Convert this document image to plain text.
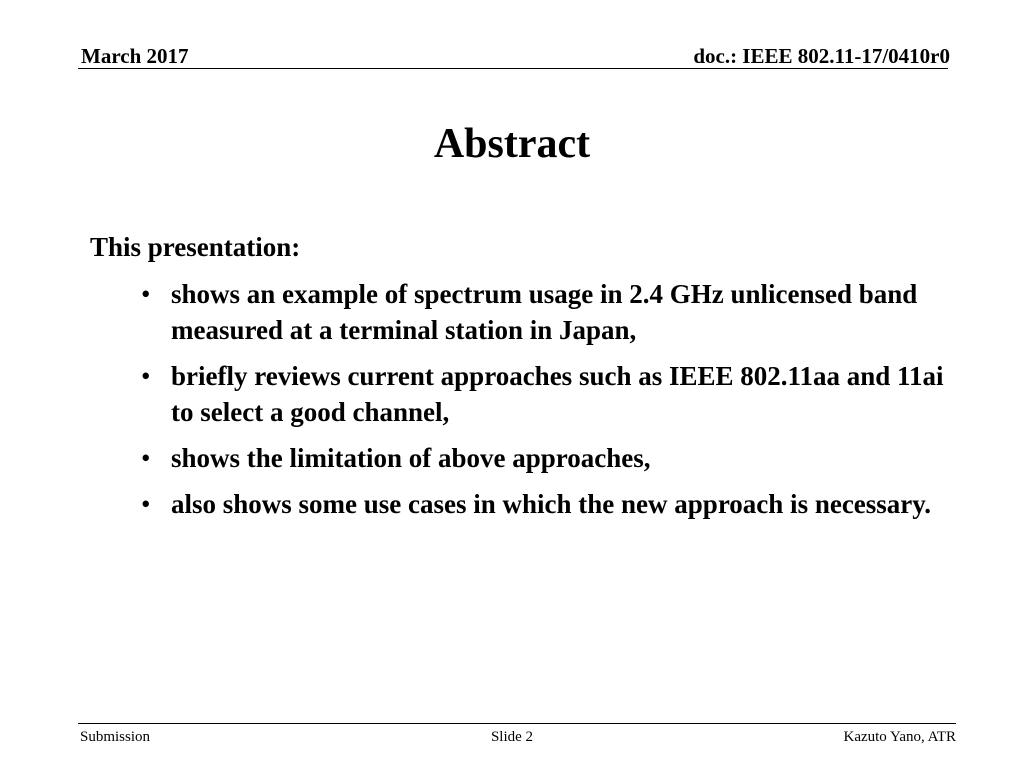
March 2017	doc.: IEEE 802.11-17/0410r0
Abstract
This presentation:
• shows an example of spectrum usage in 2.4 GHz unlicensed band measured at a terminal station in Japan,
• briefly reviews current approaches such as IEEE 802.11aa and 11ai to select a good channel,
• shows the limitation of above approaches,
• also shows some use cases in which the new approach is necessary.
Submission	Slide 2	Kazuto Yano, ATR
